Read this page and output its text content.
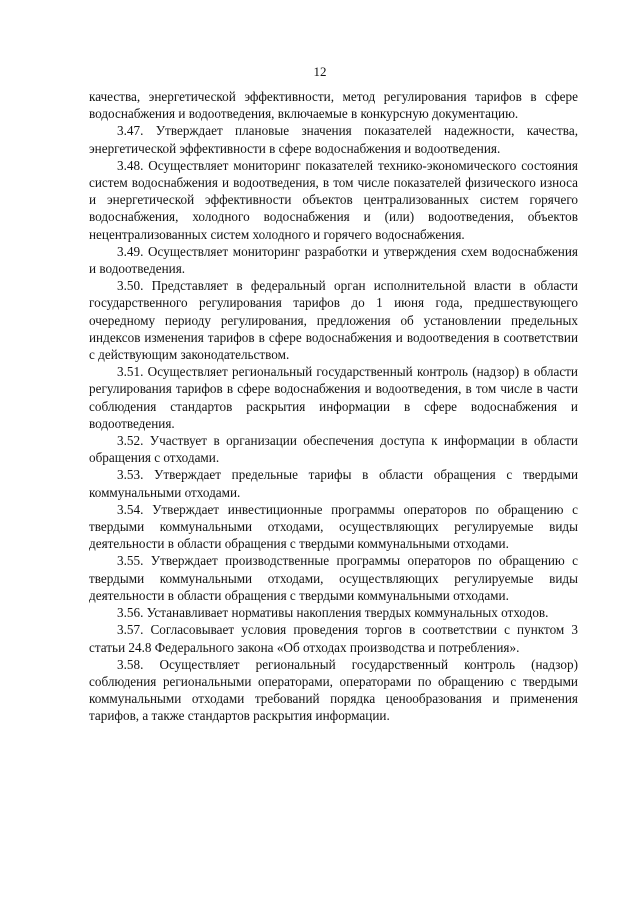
12

качества, энергетической эффективности, метод регулирования тарифов в сфере водоснабжения и водоотведения, включаемые в конкурсную документацию.

3.47. Утверждает плановые значения показателей надежности, качества, энергетической эффективности в сфере водоснабжения и водоотведения.

3.48. Осуществляет мониторинг показателей технико-экономического состояния систем водоснабжения и водоотведения, в том числе показателей физического износа и энергетической эффективности объектов централизованных систем горячего водоснабжения, холодного водоснабжения и (или) водоотведения, объектов нецентрализованных систем холодного и горячего водоснабжения.

3.49. Осуществляет мониторинг разработки и утверждения схем водоснабжения и водоотведения.

3.50. Представляет в федеральный орган исполнительной власти в области государственного регулирования тарифов до 1 июня года, предшествующего очередному периоду регулирования, предложения об установлении предельных индексов изменения тарифов в сфере водоснабжения и водоотведения в соответствии с действующим законодательством.

3.51. Осуществляет региональный государственный контроль (надзор) в области регулирования тарифов в сфере водоснабжения и водоотведения, в том числе в части соблюдения стандартов раскрытия информации в сфере водоснабжения и водоотведения.

3.52. Участвует в организации обеспечения доступа к информации в области обращения с отходами.

3.53. Утверждает предельные тарифы в области обращения с твердыми коммунальными отходами.

3.54. Утверждает инвестиционные программы операторов по обращению с твердыми коммунальными отходами, осуществляющих регулируемые виды деятельности в области обращения с твердыми коммунальными отходами.

3.55. Утверждает производственные программы операторов по обращению с твердыми коммунальными отходами, осуществляющих регулируемые виды деятельности в области обращения с твердыми коммунальными отходами.

3.56. Устанавливает нормативы накопления твердых коммунальных отходов.

3.57. Согласовывает условия проведения торгов в соответствии с пунктом 3 статьи 24.8 Федерального закона «Об отходах производства и потребления».

3.58. Осуществляет региональный государственный контроль (надзор) соблюдения региональными операторами, операторами по обращению с твердыми коммунальными отходами требований порядка ценообразования и применения тарифов, а также стандартов раскрытия информации.
